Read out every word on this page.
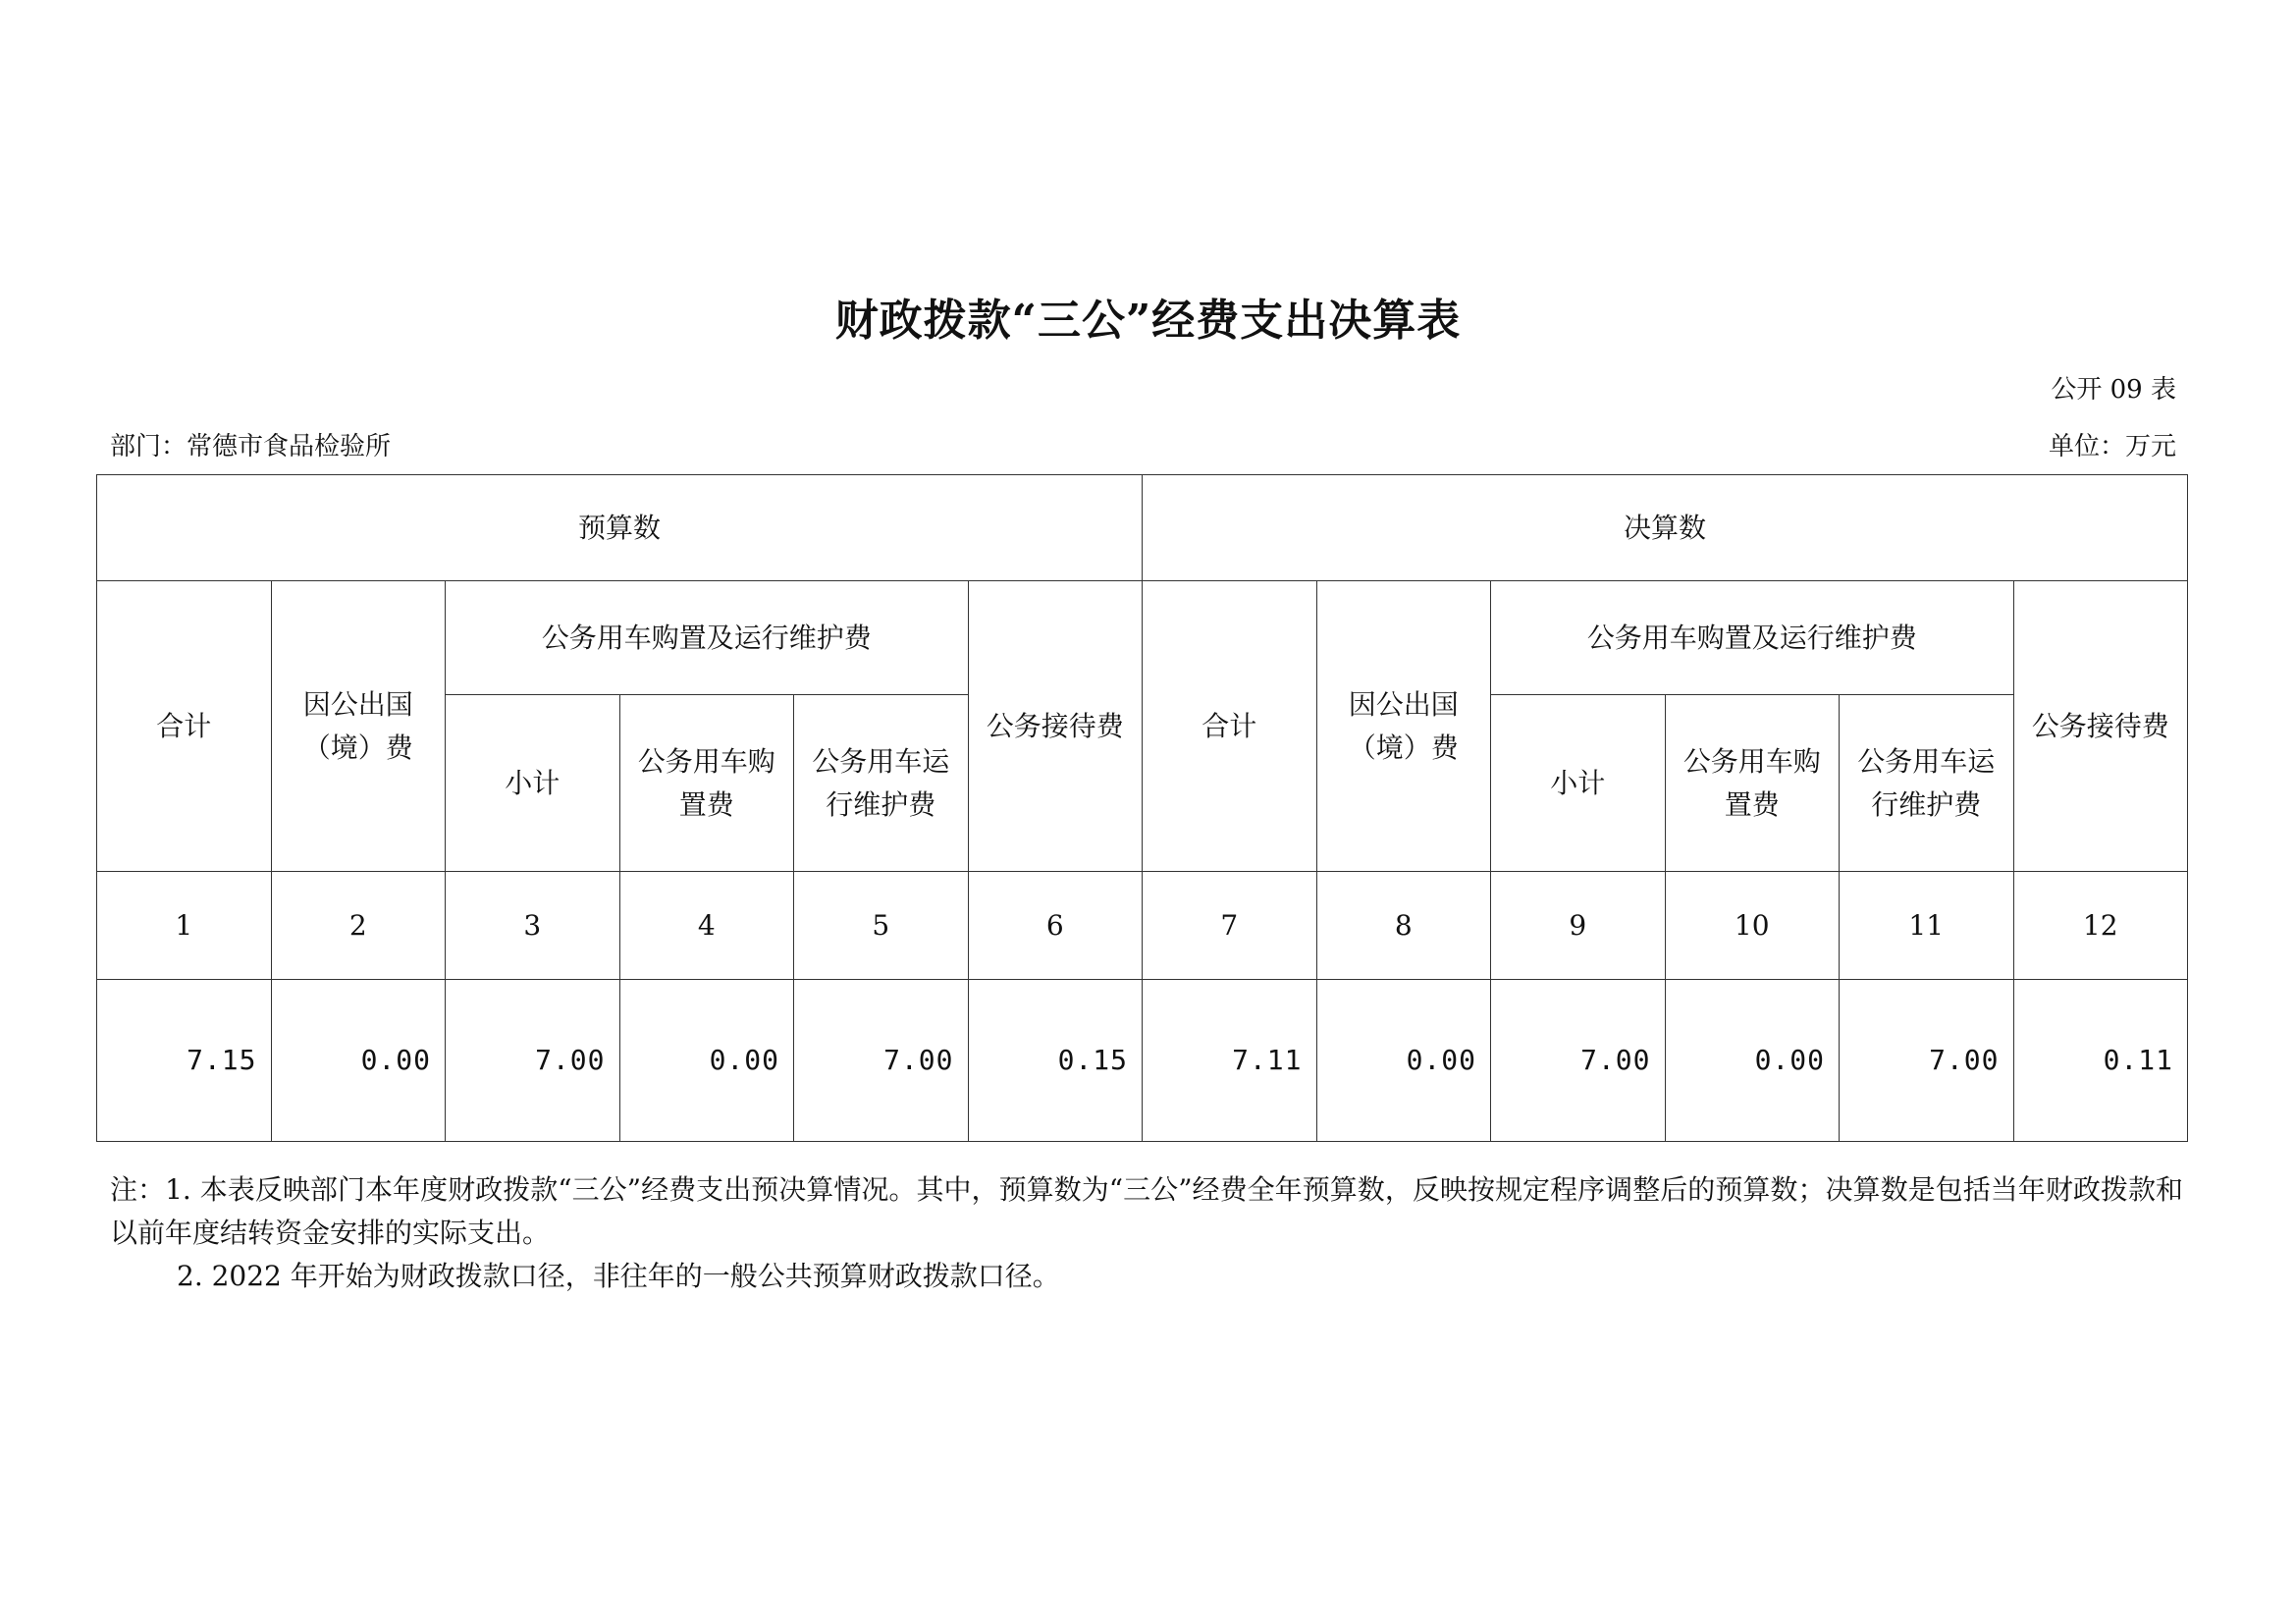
财政拨款“三公”经费支出决算表
公开 09 表
部门：常德市食品检验所	单位：万元
预算数						决算数					
合计	因公出国（境）费	公务用车购置及运行维护费			公务接待费	合计	因公出国（境）费	公务用车购置及运行维护费			公务接待费
		小计	公务用车购置费	公务用车运行维护费				小计	公务用车购置费	公务用车运行维护费	
1	2	3	4	5	6	7	8	9	10	11	12
7.15	0.00	7.00	0.00	7.00	0.15	7.11	0.00	7.00	0.00	7.00	0.11

注：1. 本表反映部门本年度财政拨款“三公”经费支出预决算情况。其中，预算数为“三公”经费全年预算数，反映按规定程序调整后的预算数；决算数是包括当年财政拨款和以前年度结转资金安排的实际支出。

2. 2022 年开始为财政拨款口径，非往年的一般公共预算财政拨款口径。
